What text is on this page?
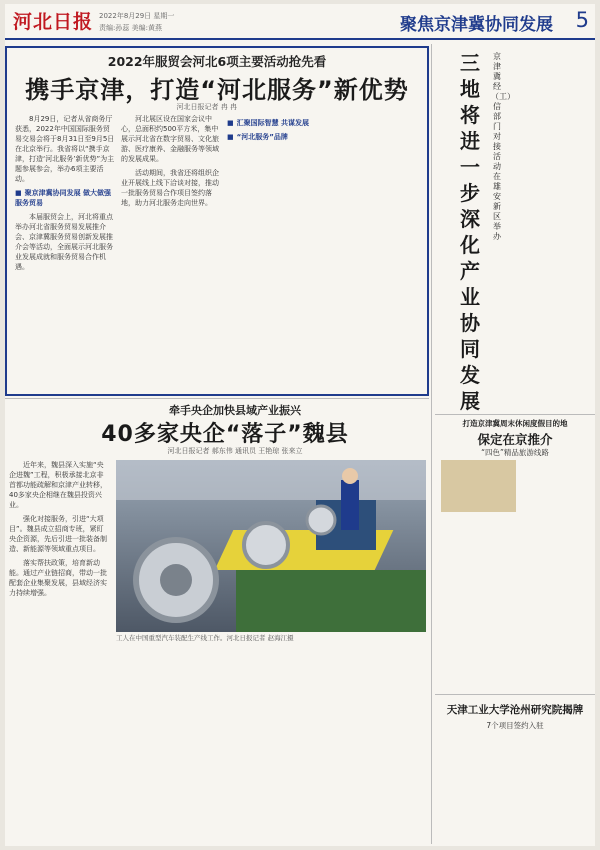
河北日报 2022年8月29日 星期一
责编:孙蕊 美编:黄燕	聚焦京津冀协同发展 5
2022年服贸会河北6项主要活动抢先看
携手京津，打造“河北服务”新优势
河北日报记者 冉 冉

8月29日，记者从省商务厅获悉，2022年中国国际服务贸易交易会将于8月31日至9月5日在北京举行。我省将以“携手京津，打造‘河北服务’新优势”为主题参展参会，举办6项主要活动。

■ 聚京津冀协同发展 做大做强服务贸易

本届服贸会上，河北将重点举办河北省服务贸易发展推介会、京津冀服务贸易创新发展推介会等活动，全面展示河北服务业发展成就和服务贸易合作机遇。

河北展区设在国家会议中心，总面积约500平方米，集中展示河北省在数字贸易、文化旅游、医疗康养、金融服务等领域的发展成果。

活动期间，我省还将组织企业开展线上线下洽谈对接，推动一批服务贸易合作项目签约落地，助力河北服务走向世界。

■ 汇聚国际智慧 共谋发展
■ “河北服务”品牌
三地将进一步深化产业协同发展
京津冀经（工）信部门对接活动在雄安新区举办
牵手央企加快县域产业振兴
40多家央企“落子”魏县
河北日报记者 郝东伟 通讯员 王艳琼 张来立

近年来，魏县深入实施“央企进魏”工程，积极承接北京非首都功能疏解和京津产业转移，40多家央企相继在魏县投资兴业。

强化对接服务，引进“大项目”。魏县成立招商专班，紧盯央企资源，先后引进一批装备制造、新能源等领域重点项目。

落实帮扶政策，培育新动能。通过产业链招商，带动一批配套企业集聚发展，县域经济实力持续增强。

工人在中国重型汽车装配生产线工作。河北日报记者 赵海江摄
打造京津冀周末休闲度假目的地
保定在京推介
“四色”精品旅游线路
天津工业大学沧州研究院揭牌
7个项目签约入驻
